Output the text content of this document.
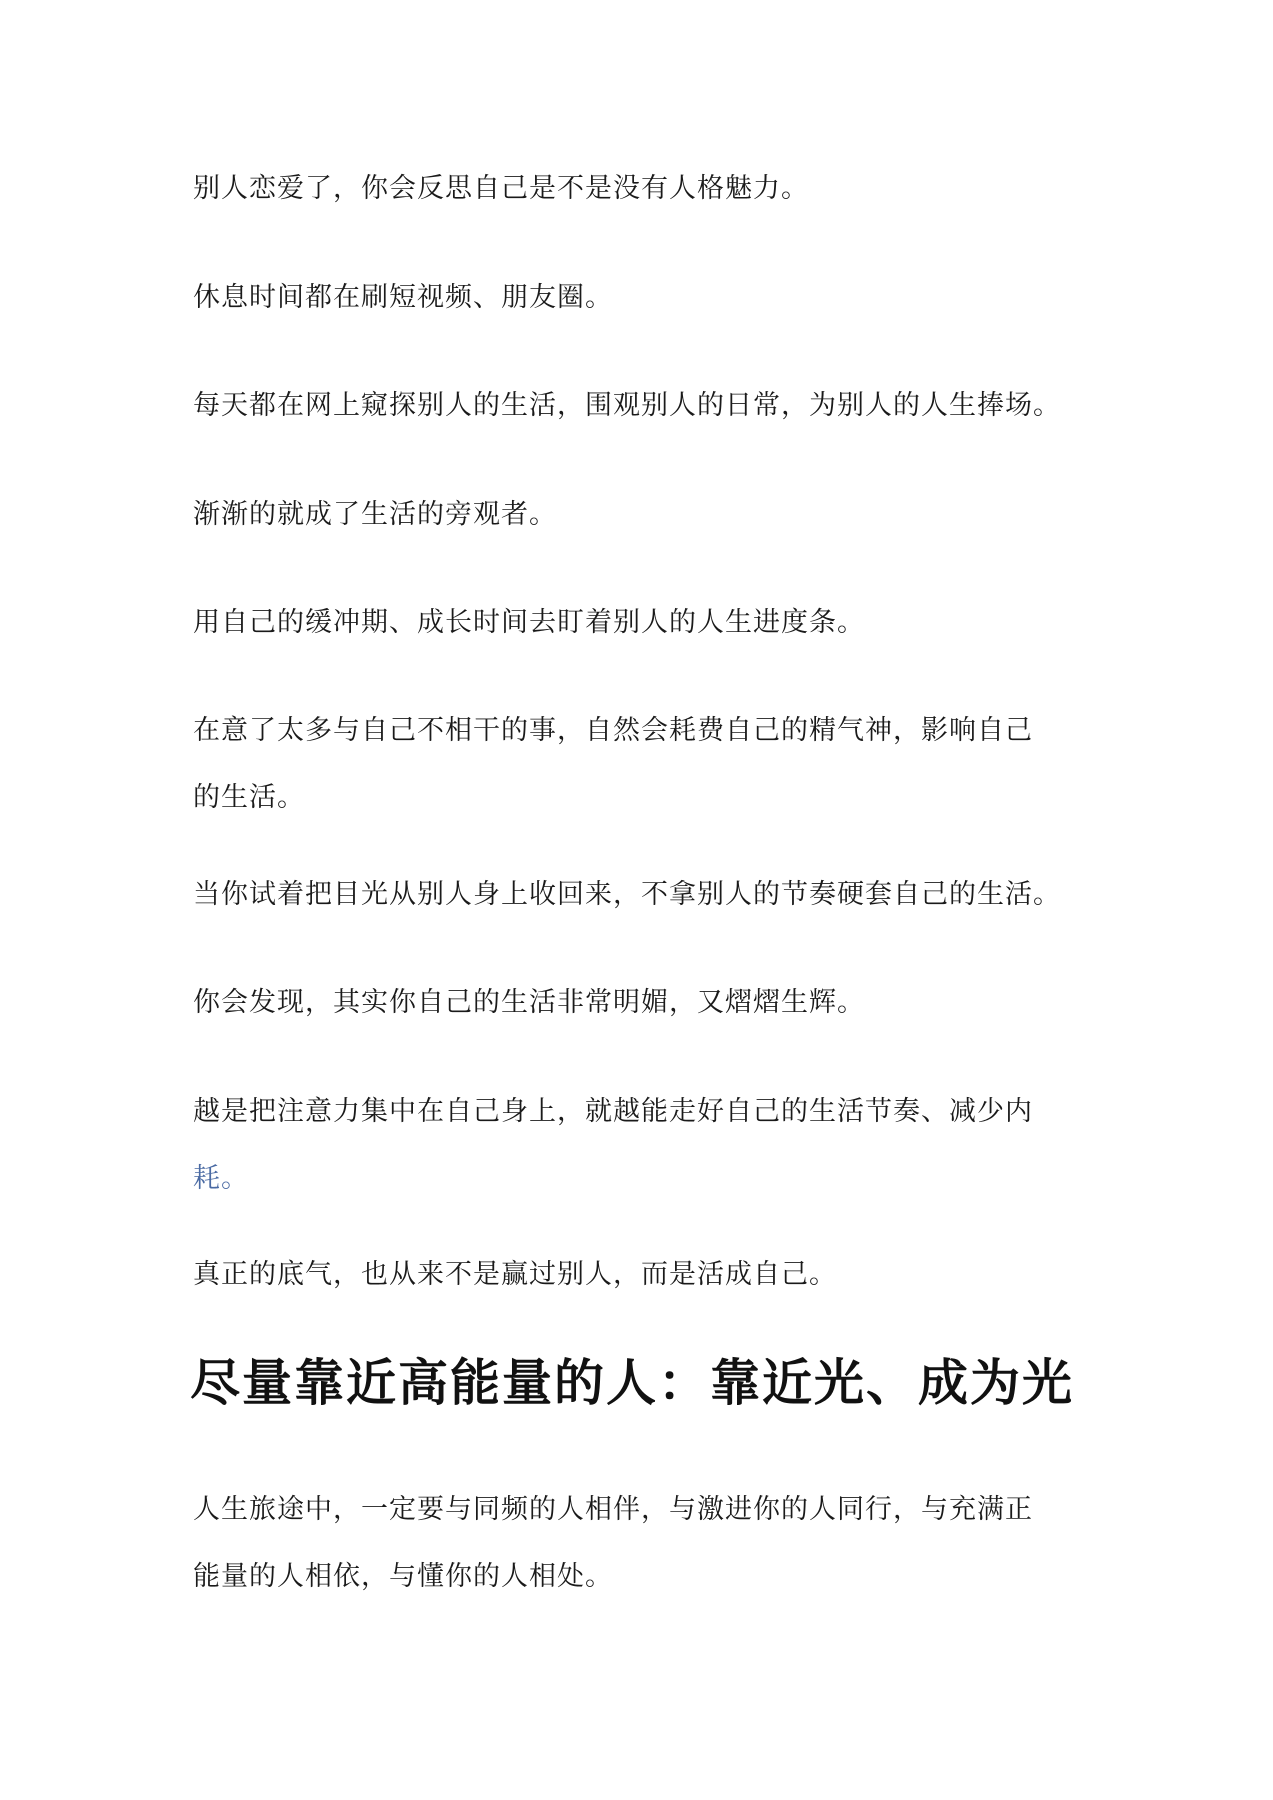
别人恋爱了，你会反思自己是不是没有人格魅力。

休息时间都在刷短视频、朋友圈。

每天都在网上窥探别人的生活，围观别人的日常，为别人的人生捧场。

渐渐的就成了生活的旁观者。

用自己的缓冲期、成长时间去盯着别人的人生进度条。

在意了太多与自己不相干的事，自然会耗费自己的精气神，影响自己
的生活。

当你试着把目光从别人身上收回来，不拿别人的节奏硬套自己的生活。

你会发现，其实你自己的生活非常明媚，又熠熠生辉。

越是把注意力集中在自己身上，就越能走好自己的生活节奏、减少内
耗。

真正的底气，也从来不是赢过别人，而是活成自己。

尽量靠近高能量的人：靠近光、成为光

人生旅途中，一定要与同频的人相伴，与激进你的人同行，与充满正
能量的人相依，与懂你的人相处。
